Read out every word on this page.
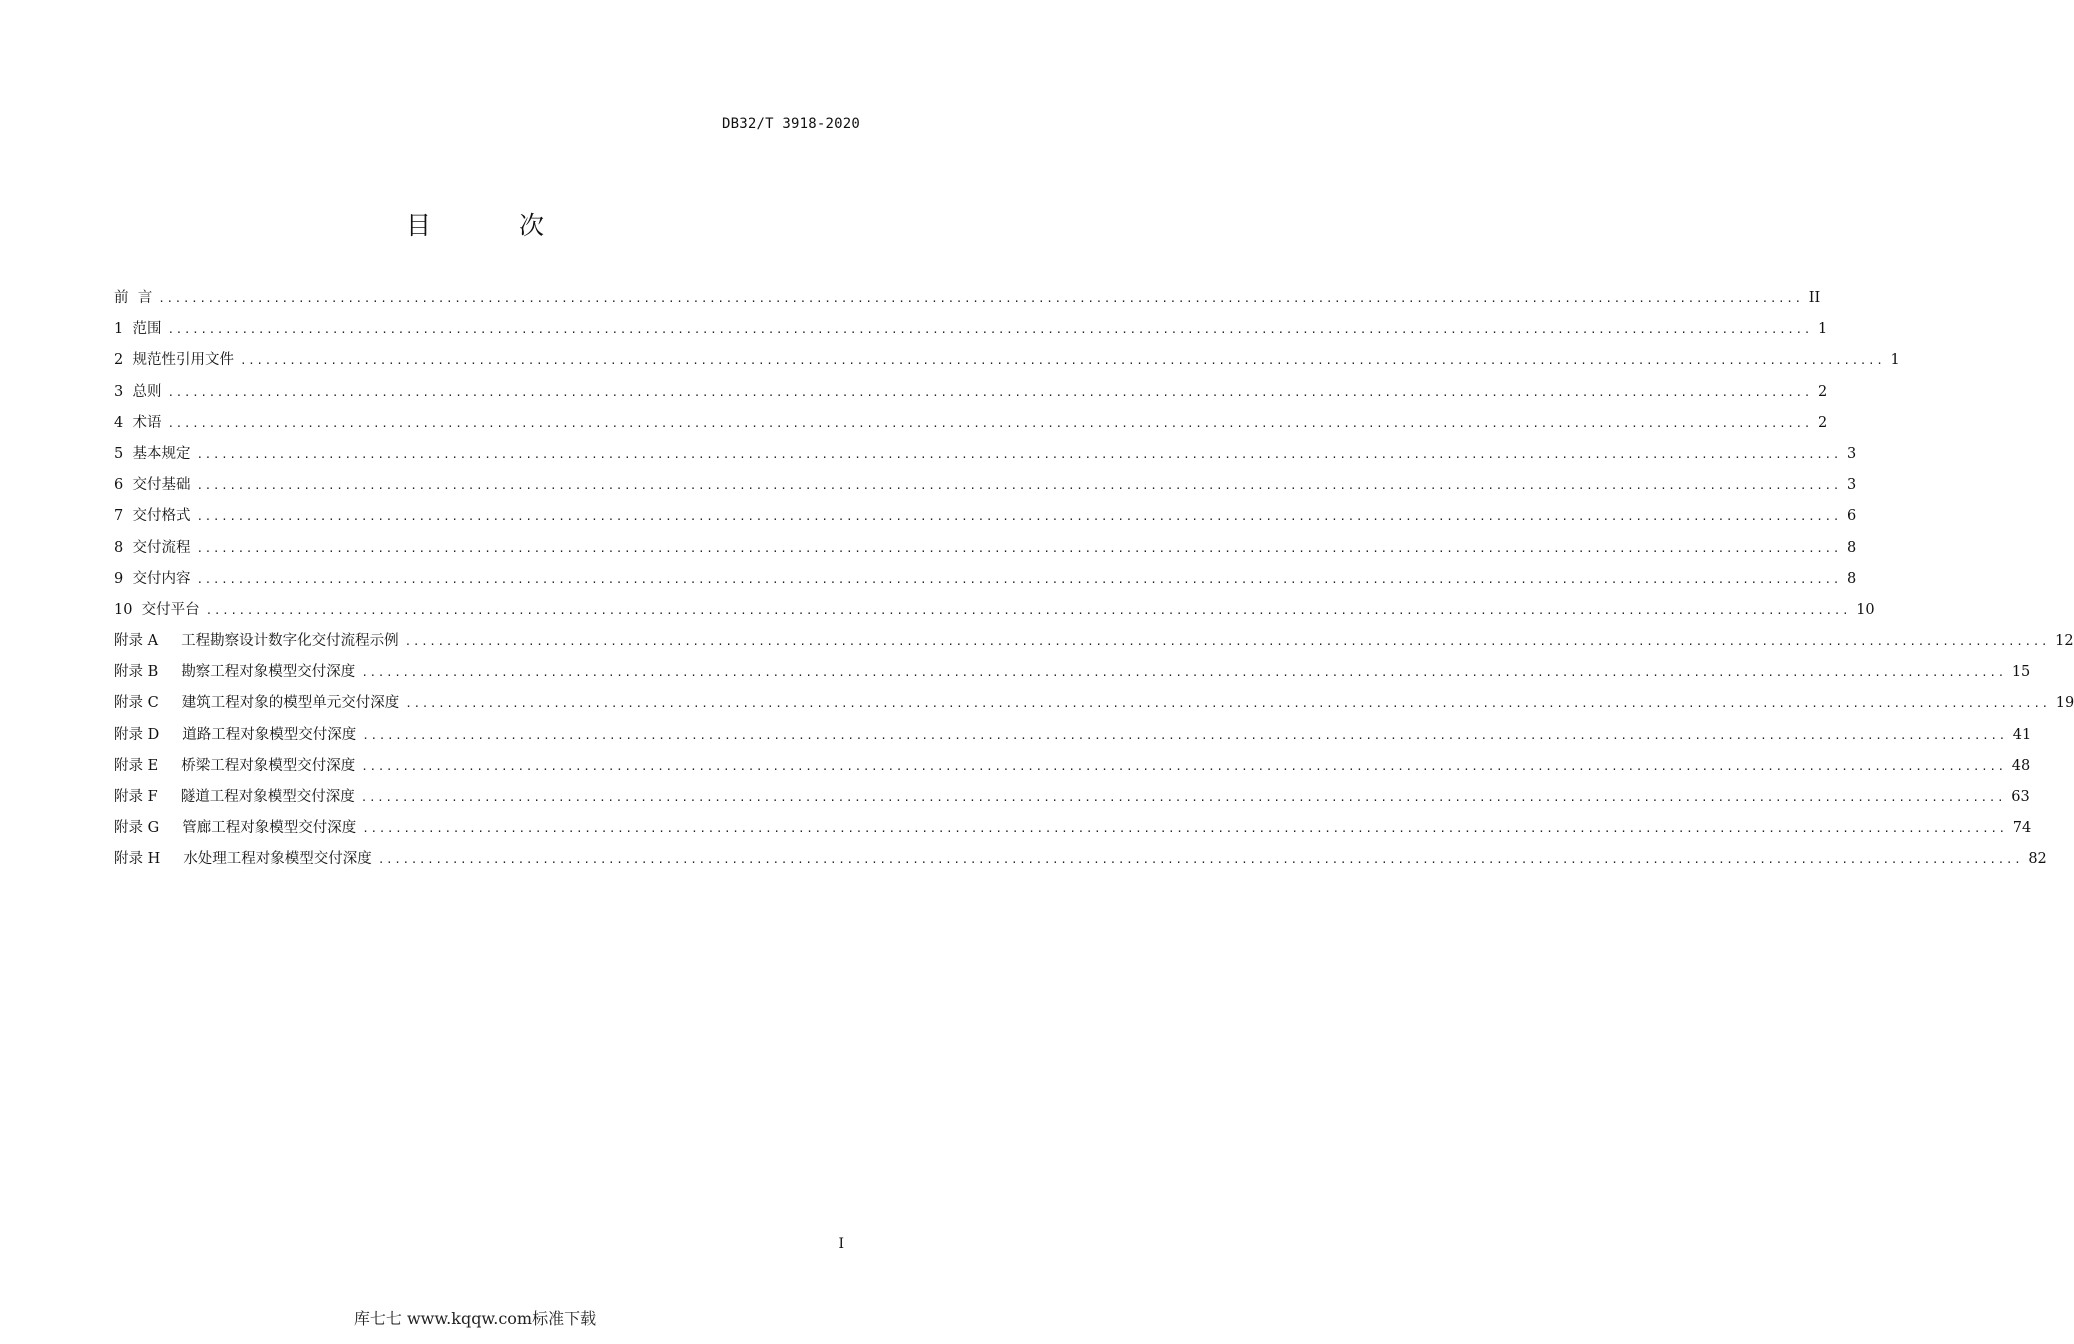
DB32/T 3918-2020
目 次
前  言 ........................................................................................................................................................................................................ II
1 范围 ........................................................................................................................................................................................................ 1
2 规范性引用文件 ........................................................................................................................................................................................................ 1
3 总则 ........................................................................................................................................................................................................ 2
4 术语 ........................................................................................................................................................................................................ 2
5 基本规定 ........................................................................................................................................................................................................ 3
6 交付基础 ........................................................................................................................................................................................................ 3
7 交付格式 ........................................................................................................................................................................................................ 6
8 交付流程 ........................................................................................................................................................................................................ 8
9 交付内容 ........................................................................................................................................................................................................ 8
10 交付平台 ........................................................................................................................................................................................................ 10
附录 A 工程勘察设计数字化交付流程示例 ........................................................................................................................................................................................................ 12
附录 B 勘察工程对象模型交付深度 ........................................................................................................................................................................................................ 15
附录 C 建筑工程对象的模型单元交付深度 ........................................................................................................................................................................................................ 19
附录 D 道路工程对象模型交付深度 ........................................................................................................................................................................................................ 41
附录 E 桥梁工程对象模型交付深度 ........................................................................................................................................................................................................ 48
附录 F 隧道工程对象模型交付深度 ........................................................................................................................................................................................................ 63
附录 G 管廊工程对象模型交付深度 ........................................................................................................................................................................................................ 74
附录 H 水处理工程对象模型交付深度 ........................................................................................................................................................................................................ 82
I
库七七 www.kqqw.com标准下载
